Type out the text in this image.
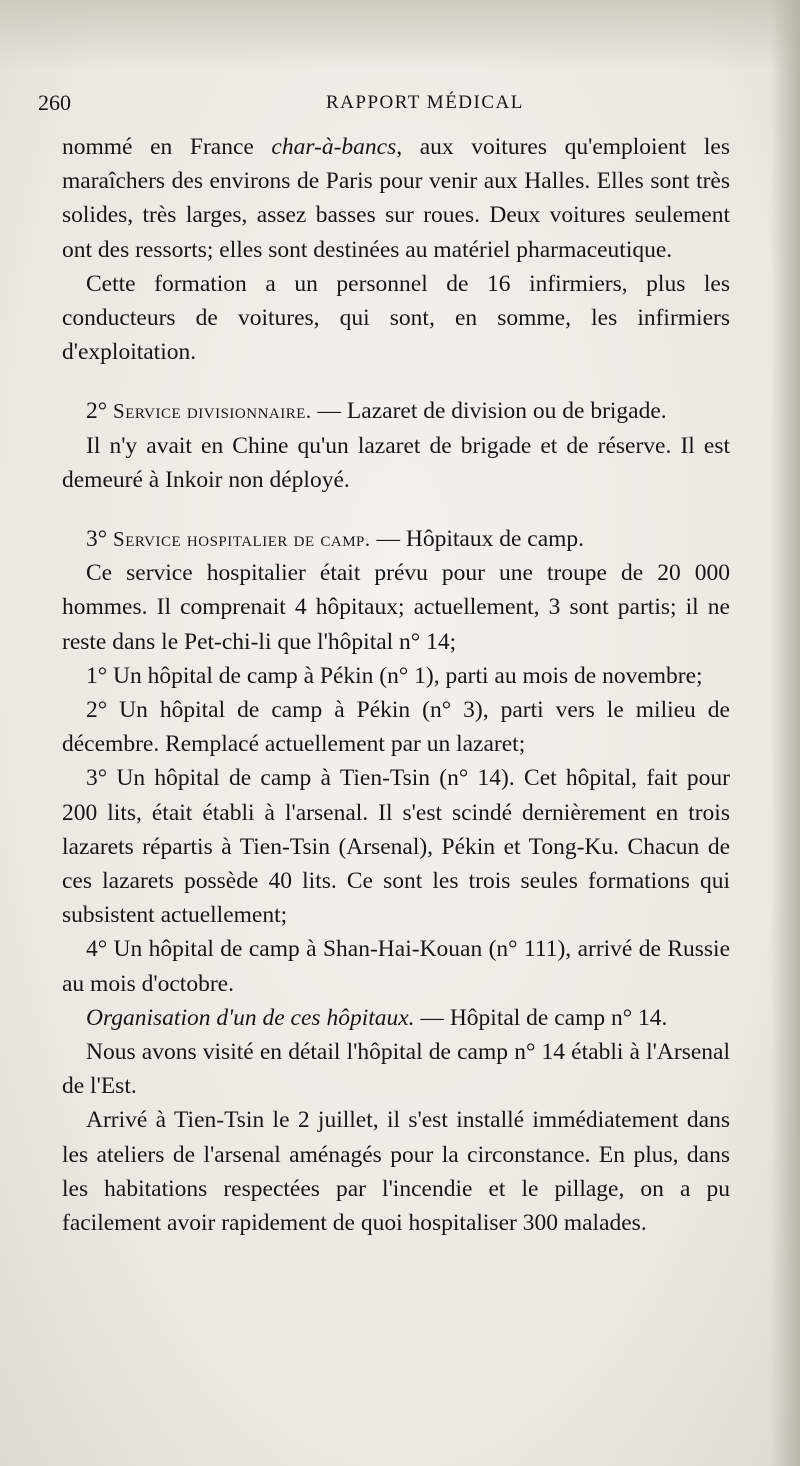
260	RAPPORT MÉDICAL

nommé en France char-à-bancs, aux voitures qu'emploient les maraîchers des environs de Paris pour venir aux Halles. Elles sont très solides, très larges, assez basses sur roues. Deux voitures seulement ont des ressorts; elles sont destinées au matériel pharmaceutique.

Cette formation a un personnel de 16 infirmiers, plus les conducteurs de voitures, qui sont, en somme, les infirmiers d'exploitation.

2° Service divisionnaire. — Lazaret de division ou de brigade.

Il n'y avait en Chine qu'un lazaret de brigade et de réserve. Il est demeuré à Inkoir non déployé.

3° Service hospitalier de camp. — Hôpitaux de camp.

Ce service hospitalier était prévu pour une troupe de 20 000 hommes. Il comprenait 4 hôpitaux; actuellement, 3 sont partis; il ne reste dans le Pet-chi-li que l'hôpital n° 14;

1° Un hôpital de camp à Pékin (n° 1), parti au mois de novembre;

2° Un hôpital de camp à Pékin (n° 3), parti vers le milieu de décembre. Remplacé actuellement par un lazaret;

3° Un hôpital de camp à Tien-Tsin (n° 14). Cet hôpital, fait pour 200 lits, était établi à l'arsenal. Il s'est scindé dernièrement en trois lazarets répartis à Tien-Tsin (Arsenal), Pékin et Tong-Ku. Chacun de ces lazarets possède 40 lits. Ce sont les trois seules formations qui subsistent actuellement;

4° Un hôpital de camp à Shan-Hai-Kouan (n° 111), arrivé de Russie au mois d'octobre.

Organisation d'un de ces hôpitaux. — Hôpital de camp n° 14.

Nous avons visité en détail l'hôpital de camp n° 14 établi à l'Arsenal de l'Est.

Arrivé à Tien-Tsin le 2 juillet, il s'est installé immédiatement dans les ateliers de l'arsenal aménagés pour la circonstance. En plus, dans les habitations respectées par l'incendie et le pillage, on a pu facilement avoir rapidement de quoi hospitaliser 300 malades.
